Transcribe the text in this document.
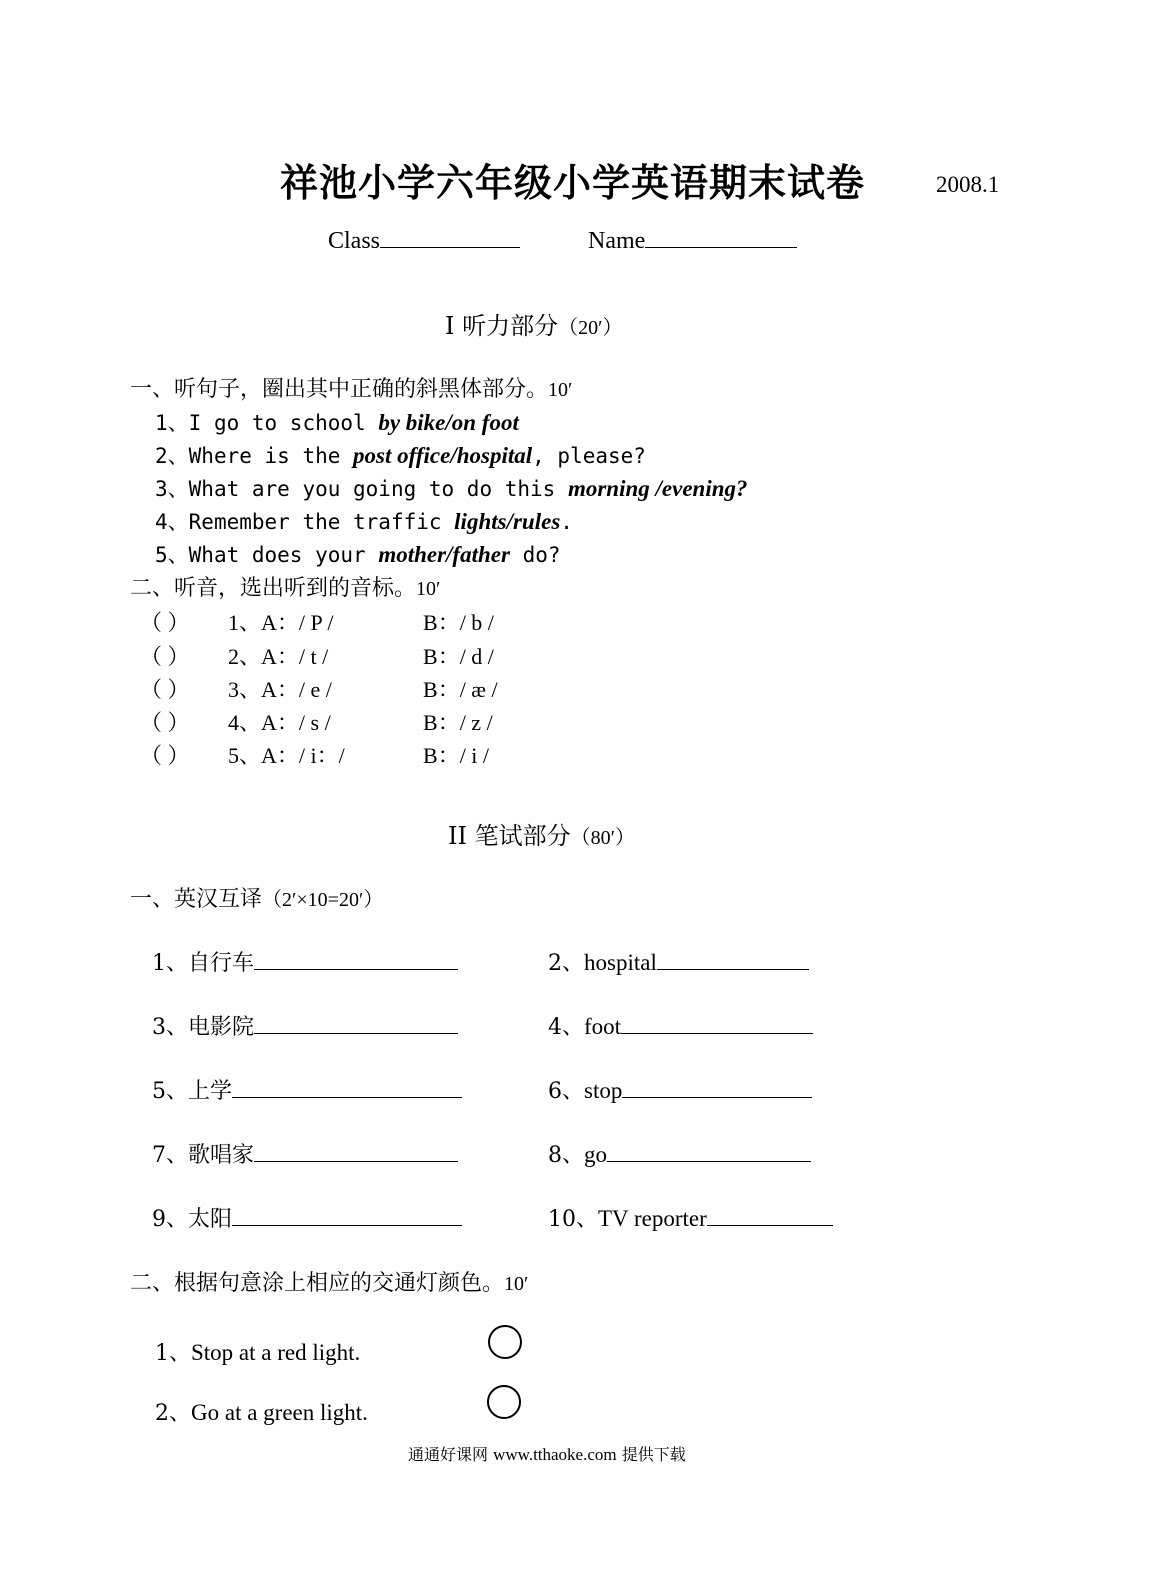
祥池小学六年级小学英语期末试卷	2008.1
Class	Name
I 听力部分（20′）
一、听句子，圈出其中正确的斜黑体部分。10′
1、I go to school by bike/on foot
2、Where is the post office/hospital, please?
3、What are you going to do this morning /evening?
4、Remember the traffic lights/rules.
5、What does your mother/father do?
二、听音，选出听到的音标。10′
（ ） 1、A：/ P /	B：/ b /
（ ） 2、A：/ t /	B：/ d /
（ ） 3、A：/ e /	B：/ æ /
（ ） 4、A：/ s /	B：/ z /
（ ） 5、A：/ i：/	B：/ i /
II 笔试部分（80′）
一、英汉互译（2′×10=20′）
1、自行车	2、hospital
3、电影院	4、foot
5、上学	6、stop
7、歌唱家	8、go
9、太阳	10、TV reporter
二、根据句意涂上相应的交通灯颜色。10′
1、Stop at a red light.
2、Go at a green light.
通通好课网 www.tthaoke.com 提供下载
